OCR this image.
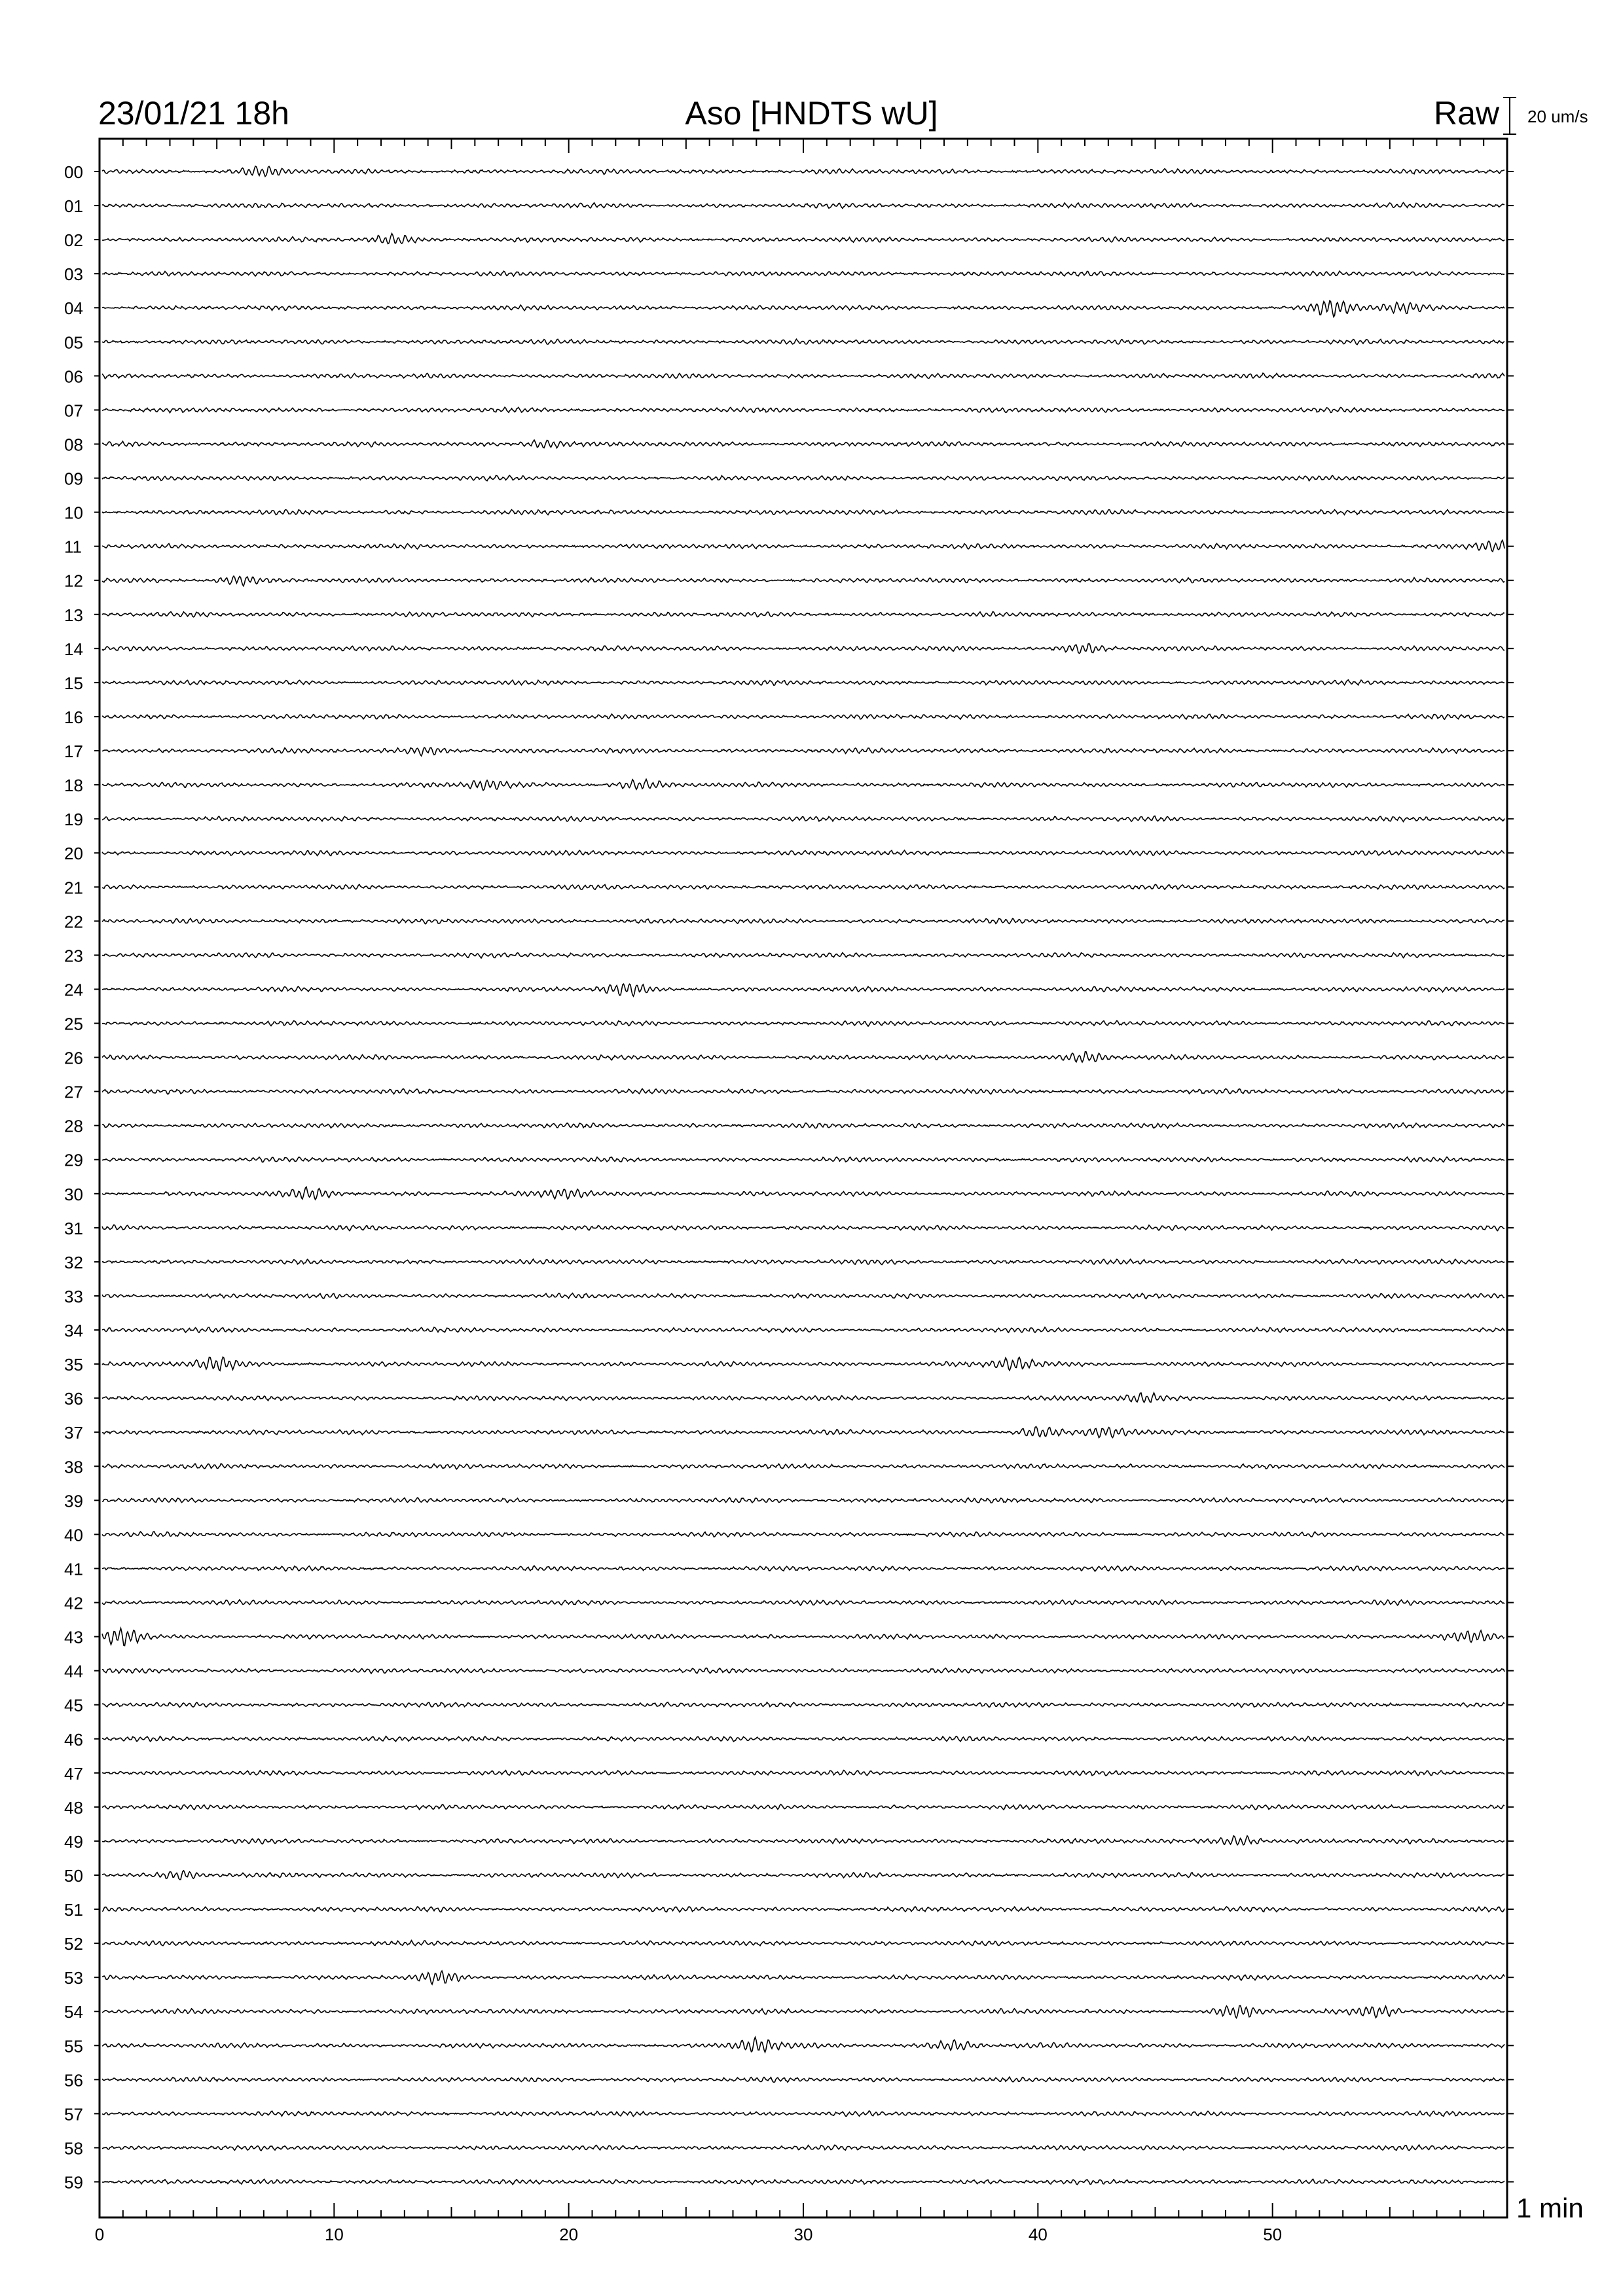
23/01/21 18h	Aso [HNDTS wU]	Raw 20 um/s
00
01
02
03
04
05
06
07
08
09
10
11
12
13
14
15
16
17
18
19
20
21
22
23
24
25
26
27
28
29
30
31
32
33
34
35
36
37
38
39
40
41
42
43
44
45
46
47
48
49
50
51
52
53
54
55
56
57
58
59
0	10	20	30	40	50
1 min
